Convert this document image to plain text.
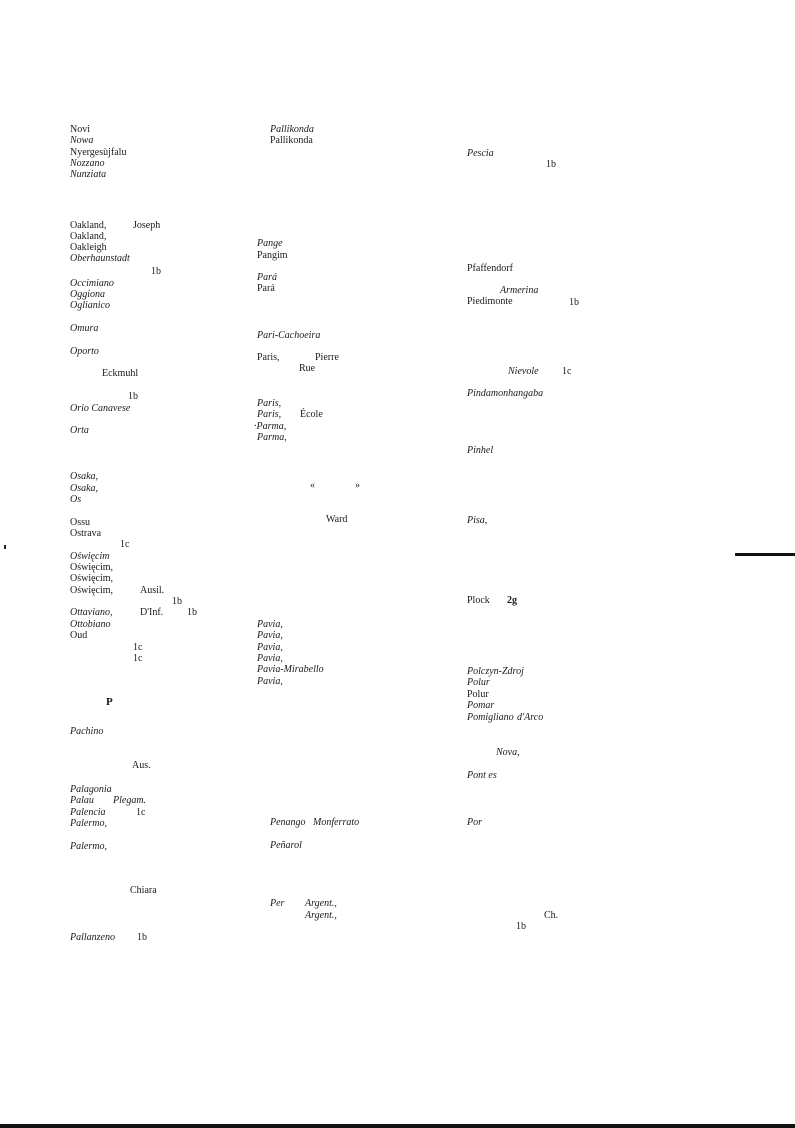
Novi
Nowa
Nyergesùjfalu
Nozzano
Nunziata
Oakland,	Joseph
Oakland,
Oakleigh
Oberhaunstadt
1b
Occimiano
Oggiona
Oglianico
Omura
Oporto
Eckmuhl
1b
Orio Canavese
Orta
Osaka,
Osaka,
Os
Ossu
Ostrava
1c
Oświęcim
Oświęcim,
Oświęcim,
Oświęcim,	Ausil.
1b
Ottaviano,	D'Inf. 1b
Ottobiano
Oud
1c
1c
P
Pachino
Aus.
Palagonia
Palau Plegam.
Palencia	1c
Palermo,
Palermo,
Chiara
Pallanzeno 1b
Pallikonda
Pallikonda
Pange
Pangim
Pará
Pará
Pari-Cachoeira
Paris,	Pierre
Rue
Paris,
Paris, École
·Parma,
Parma,
«	»
Ward
Pavia,
Pavia,
Pavia,
Pavia,
Pavia-Mirabello
Pavia,
Penango Monferrato
Peñarol
Per Argent.,
Argent.,
Pescia
1b
Pfaffendorf
Armerina
Piedimonte	1b
Nievole 1c
Pindamonhangaba
Pinhel
Pisa,
Plock 2g
Polczyn-Zdroj
Polur
Polur
Pomar
Pomigliano d'Arco
Nova,
Pont es
Por
Ch.
1b
